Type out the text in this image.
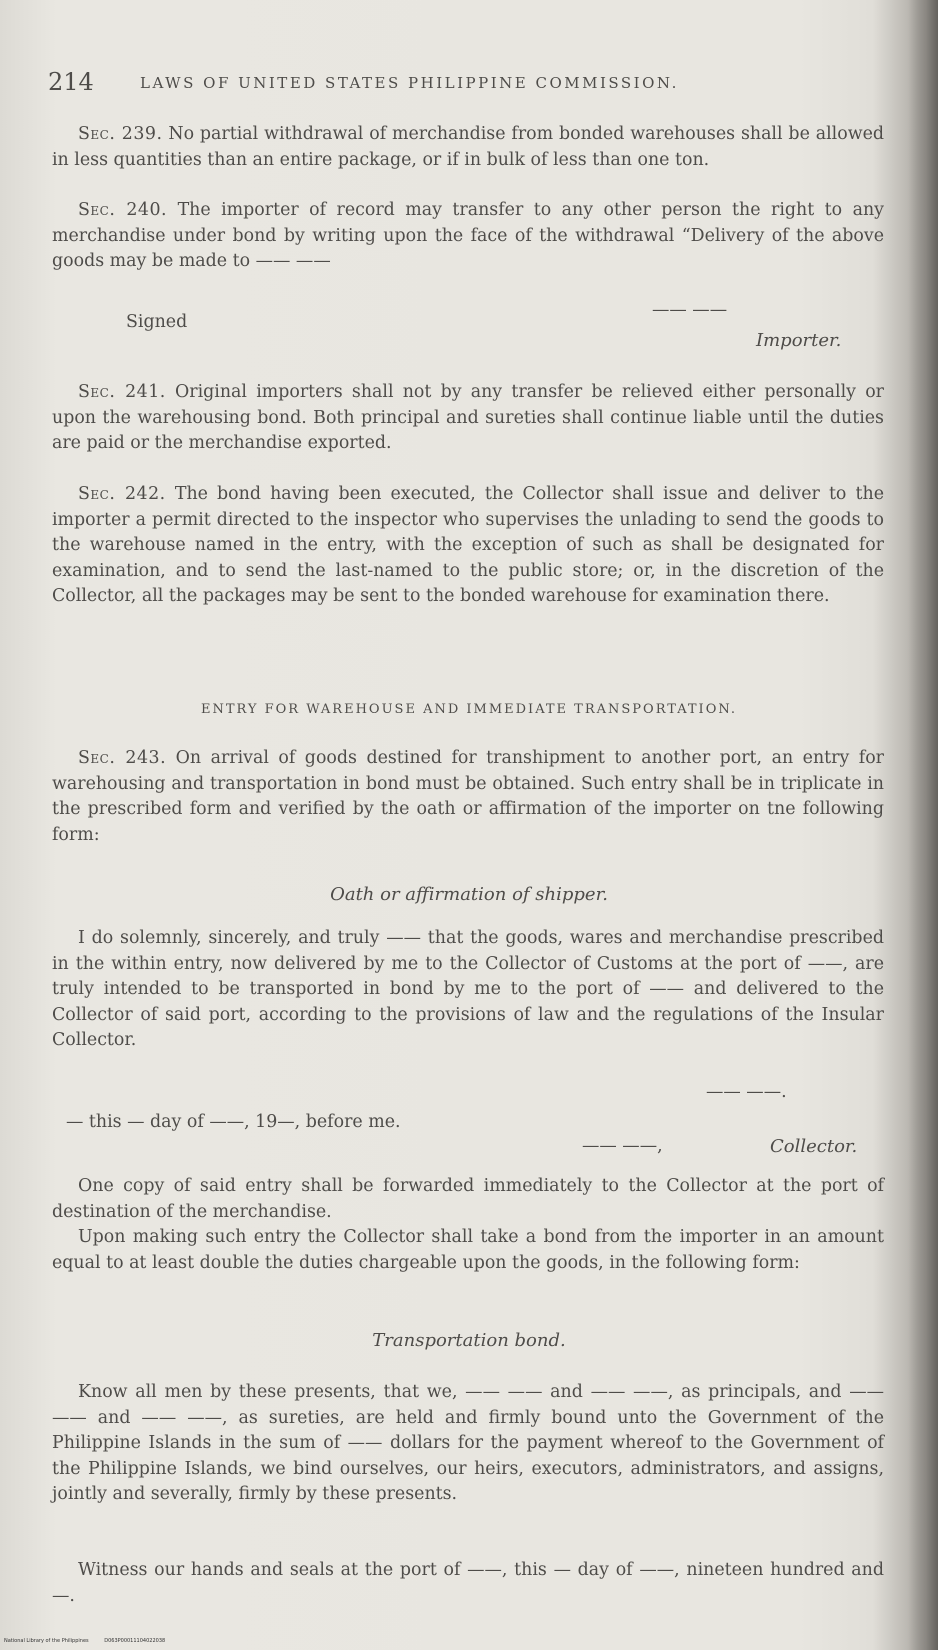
214	LAWS OF UNITED STATES PHILIPPINE COMMISSION.

Sec. 239. No partial withdrawal of merchandise from bonded warehouses shall be allowed in less quantities than an entire package, or if in bulk of less than one ton.

Sec. 240. The importer of record may transfer to any other person the right to any merchandise under bond by writing upon the face of the withdrawal “Delivery of the above goods may be made to —— ——

Signed
—— ——
Importer.

Sec. 241. Original importers shall not by any transfer be relieved either personally or upon the warehousing bond. Both principal and sureties shall continue liable until the duties are paid or the merchandise exported.

Sec. 242. The bond having been executed, the Collector shall issue and deliver to the importer a permit directed to the inspector who supervises the unlading to send the goods to the warehouse named in the entry, with the exception of such as shall be designated for examination, and to send the last-named to the public store; or, in the discretion of the Collector, all the packages may be sent to the bonded warehouse for examination there.

ENTRY FOR WAREHOUSE AND IMMEDIATE TRANSPORTATION.

Sec. 243. On arrival of goods destined for transhipment to another port, an entry for warehousing and transportation in bond must be obtained. Such entry shall be in triplicate in the prescribed form and verified by the oath or affirmation of the importer on tne following form:

Oath or affirmation of shipper.

I do solemnly, sincerely, and truly —— that the goods, wares and merchandise prescribed in the within entry, now delivered by me to the Collector of Customs at the port of ——, are truly intended to be transported in bond by me to the port of —— and delivered to the Collector of said port, according to the provisions of law and the regulations of the Insular Collector.

—— ——.
— this — day of ——, 19—, before me.
—— ——,	Collector.

One copy of said entry shall be forwarded immediately to the Collector at the port of destination of the merchandise.

Upon making such entry the Collector shall take a bond from the importer in an amount equal to at least double the duties chargeable upon the goods, in the following form:

Transportation bond.

Know all men by these presents, that we, —— —— and —— ——, as principals, and —— —— and —— ——, as sureties, are held and firmly bound unto the Government of the Philippine Islands in the sum of —— dollars for the payment whereof to the Government of the Philippine Islands, we bind ourselves, our heirs, executors, administrators, and assigns, jointly and severally, firmly by these presents.

Witness our hands and seals at the port of ——, this — day of ——, nineteen hundred and —.

National Library of the Philippines	D063P00011104022038
